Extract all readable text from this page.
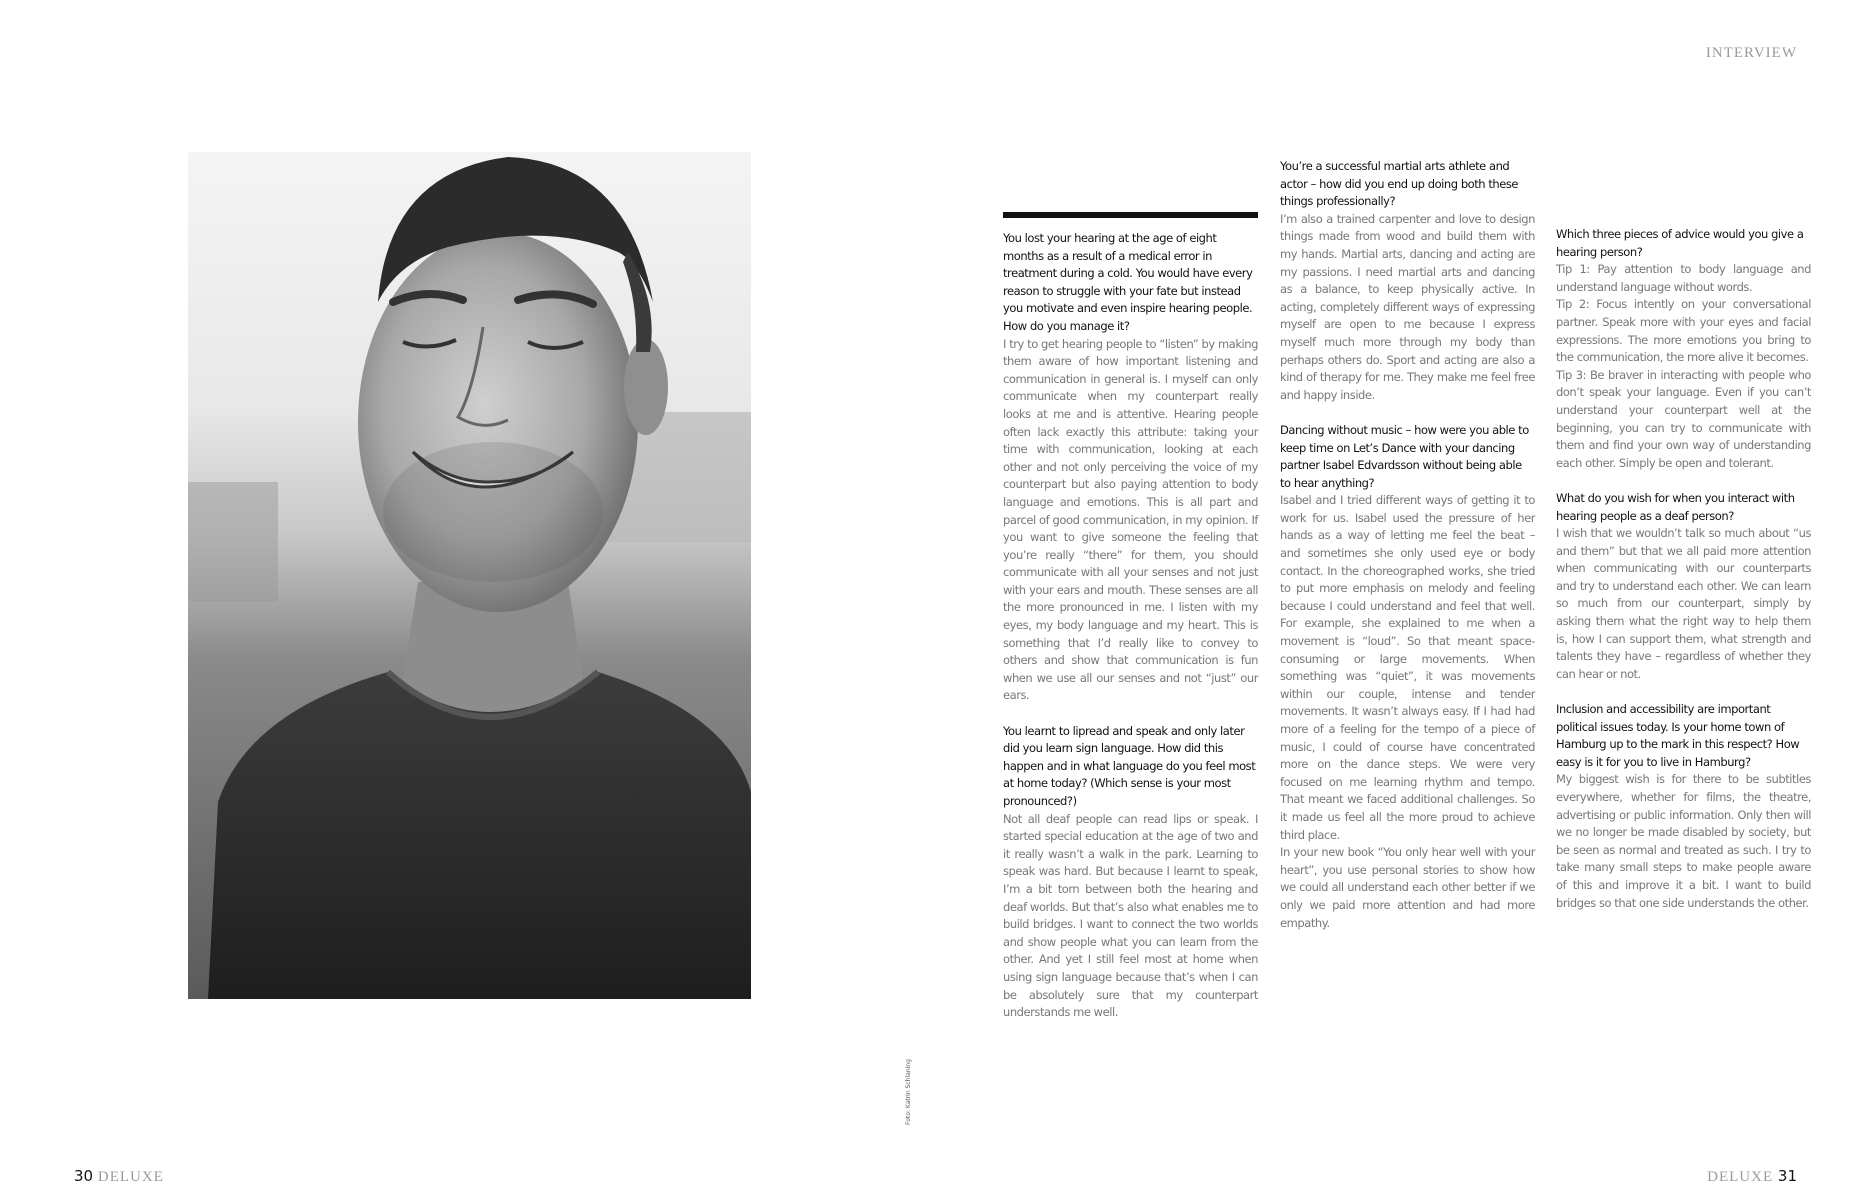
INTERVIEW
Foto: Katrin Schlaning

You lost your hearing at the age of eight months as a result of a medical error in treatment during a cold. You would have every reason to struggle with your fate but instead you motivate and even inspire hearing people. How do you manage it?

I try to get hearing people to “listen” by making them aware of how important listening and communication in general is. I myself can only communicate when my counterpart really looks at me and is attentive. Hearing people often lack exactly this attribute: taking your time with communication, looking at each other and not only perceiving the voice of my counterpart but also paying attention to body language and emotions. This is all part and parcel of good communication, in my opinion. If you want to give someone the feeling that you’re really “there” for them, you should communicate with all your senses and not just with your ears and mouth. These senses are all the more pronounced in me. I listen with my eyes, my body language and my heart. This is something that I’d really like to convey to others and show that communication is fun when we use all our senses and not “just” our ears.

You learnt to lipread and speak and only later did you learn sign language. How did this happen and in what language do you feel most at home today? (Which sense is your most pronounced?)

Not all deaf people can read lips or speak. I started special education at the age of two and it really wasn’t a walk in the park. Learning to speak was hard. But because I learnt to speak, I’m a bit torn between both the hearing and deaf worlds. But that’s also what enables me to build bridges. I want to connect the two worlds and show people what you can learn from the other. And yet I still feel most at home when using sign language because that’s when I can be absolutely sure that my counterpart understands me well.

You’re a successful martial arts athlete and actor – how did you end up doing both these things professionally?

I’m also a trained carpenter and love to design things made from wood and build them with my hands. Martial arts, dancing and acting are my passions. I need martial arts and dancing as a balance, to keep physically active. In acting, completely different ways of expressing myself are open to me because I express myself much more through my body than perhaps others do. Sport and acting are also a kind of therapy for me. They make me feel free and happy inside.

Dancing without music – how were you able to keep time on Let’s Dance with your dancing partner Isabel Edvardsson without being able to hear anything?

Isabel and I tried different ways of getting it to work for us. Isabel used the pressure of her hands as a way of letting me feel the beat – and sometimes she only used eye or body contact. In the choreographed works, she tried to put more emphasis on melody and feeling because I could understand and feel that well. For example, she explained to me when a movement is “loud”. So that meant space-consuming or large movements. When something was “quiet”, it was movements within our couple, intense and tender movements. It wasn’t always easy. If I had had more of a feeling for the tempo of a piece of music, I could of course have concentrated more on the dance steps. We were very focused on me learning rhythm and tempo. That meant we faced additional challenges. So it made us feel all the more proud to achieve third place.

In your new book “You only hear well with your heart”, you use personal stories to show how we could all understand each other better if we only we paid more attention and had more empathy.

Which three pieces of advice would you give a hearing person?

Tip 1: Pay attention to body language and understand language without words.

Tip 2: Focus intently on your conversational partner. Speak more with your eyes and facial expressions. The more emotions you bring to the communication, the more alive it becomes.

Tip 3: Be braver in interacting with people who don’t speak your language. Even if you can’t understand your counterpart well at the beginning, you can try to communicate with them and find your own way of understanding each other. Simply be open and tolerant.

What do you wish for when you interact with hearing people as a deaf person?

I wish that we wouldn’t talk so much about “us and them” but that we all paid more attention when communicating with our counterparts and try to understand each other. We can learn so much from our counterpart, simply by asking them what the right way to help them is, how I can support them, what strength and talents they have – regardless of whether they can hear or not.

Inclusion and accessibility are important political issues today. Is your home town of Hamburg up to the mark in this respect? How easy is it for you to live in Hamburg?

My biggest wish is for there to be subtitles everywhere, whether for films, the theatre, advertising or public information. Only then will we no longer be made disabled by society, but be seen as normal and treated as such. I try to take many small steps to make people aware of this and improve it a bit. I want to build bridges so that one side understands the other.

30 DELUXE	DELUXE 31
